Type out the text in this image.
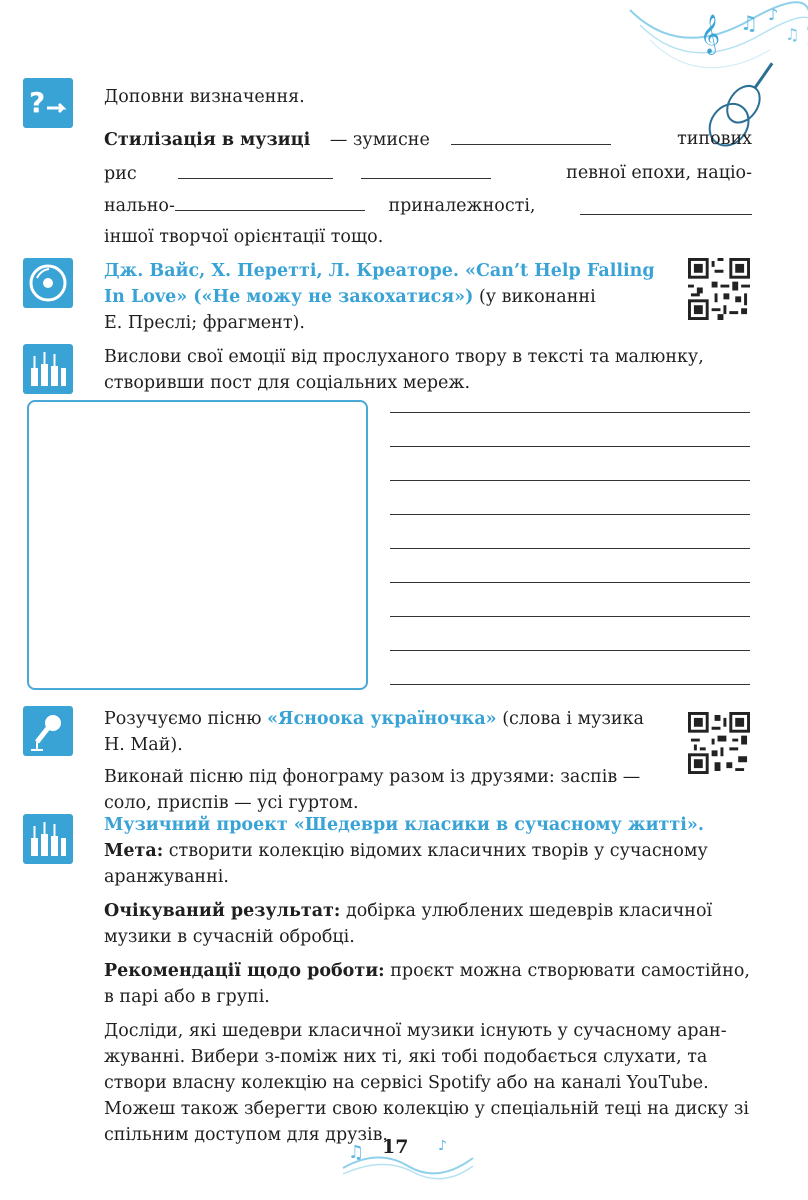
𝄞 ♫ ♪
♫
?	Доповни визначення.
Стилізація в музиці — зумисне	типових
рис	певної епохи, націо-
нально-	приналежності,
іншої творчої орієнтації тощо.
Дж. Вайс, Х. Перетті, Л. Креаторе. «Can’t Help Falling
In Love» («Не можу не закохатися») (у виконанні
Е. Преслі; фрагмент).
Вислови свої емоції від прослуханого твору в тексті та малюнку,
створивши пост для соціальних мереж.
Розучуємо пісню «Ясноока україночка» (слова і музика
Н. Май).
Виконай пісню під фонограму разом із друзями: заспів —
соло, приспів — усі гуртом.
Музичний проект «Шедеври класики в сучасному житті».
Мета: створити колекцію відомих класичних творів у сучасному
аранжуванні.
Очікуваний результат: добірка улюблених шедеврів класичної
музики в сучасній обробці.
Рекомендації щодо роботи: проєкт можна створювати самостійно,
в парі або в групі.
Досліди, які шедеври класичної музики існують у сучасному аран-
жуванні. Вибери з-поміж них ті, які тобі подобається слухати, та
створи власну колекцію на сервісі Spotify або на каналі YouTube.
Можеш також зберегти свою колекцію у спеціальній теці на диску зі
спільним доступом для друзів.
♫	♪
17
